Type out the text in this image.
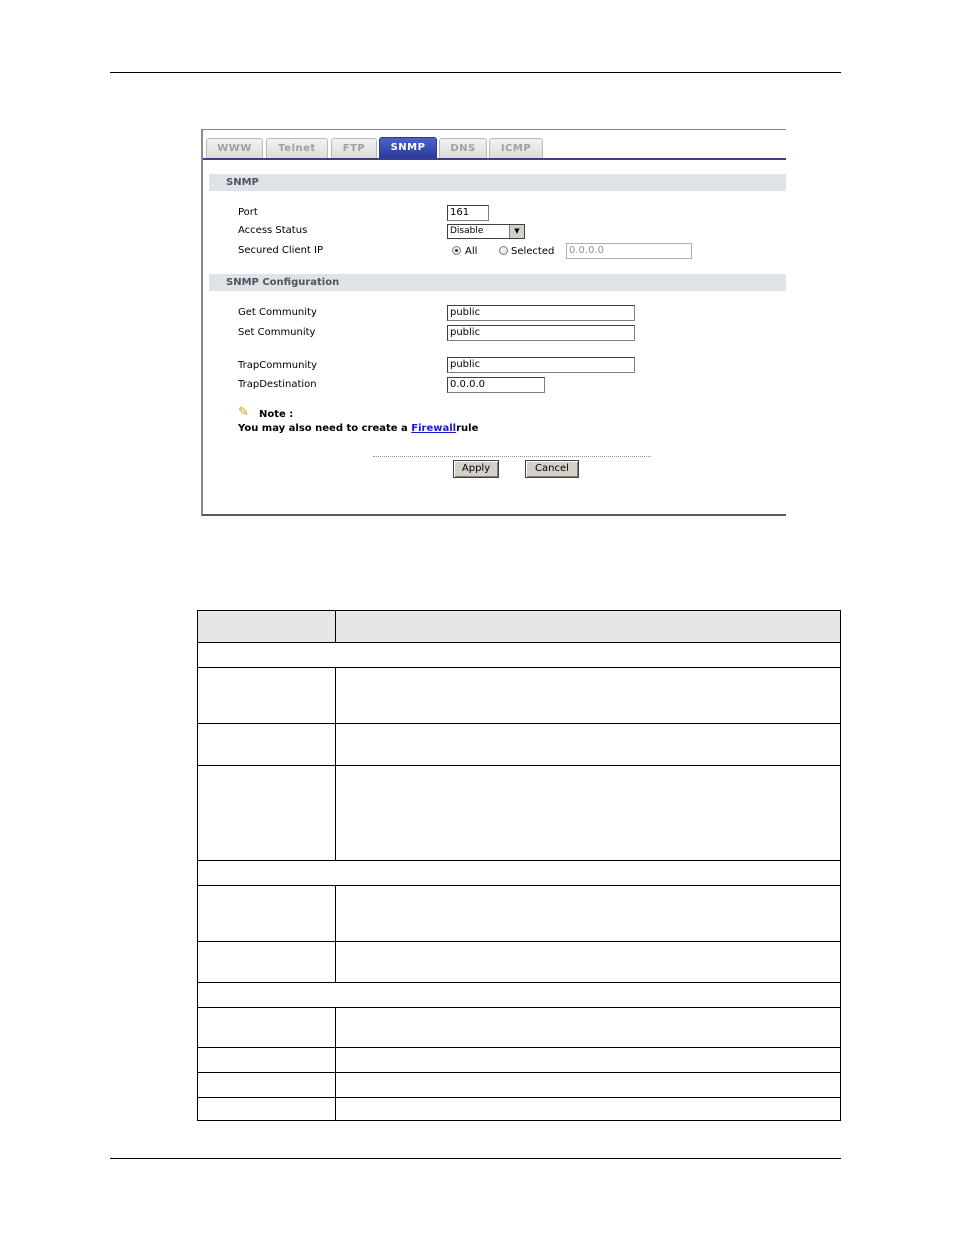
WWW	Telnet	FTP	SNMP	DNS	ICMP
SNMP
Port	161
Access Status	Disable	▼
Secured Client IP	All	Selected	0.0.0.0
SNMP Configuration
Get Community	public
Set Community	public
TrapCommunity	public
TrapDestination	0.0.0.0
✎ Note :
You may also need to create a Firewallrule
Apply	Cancel
